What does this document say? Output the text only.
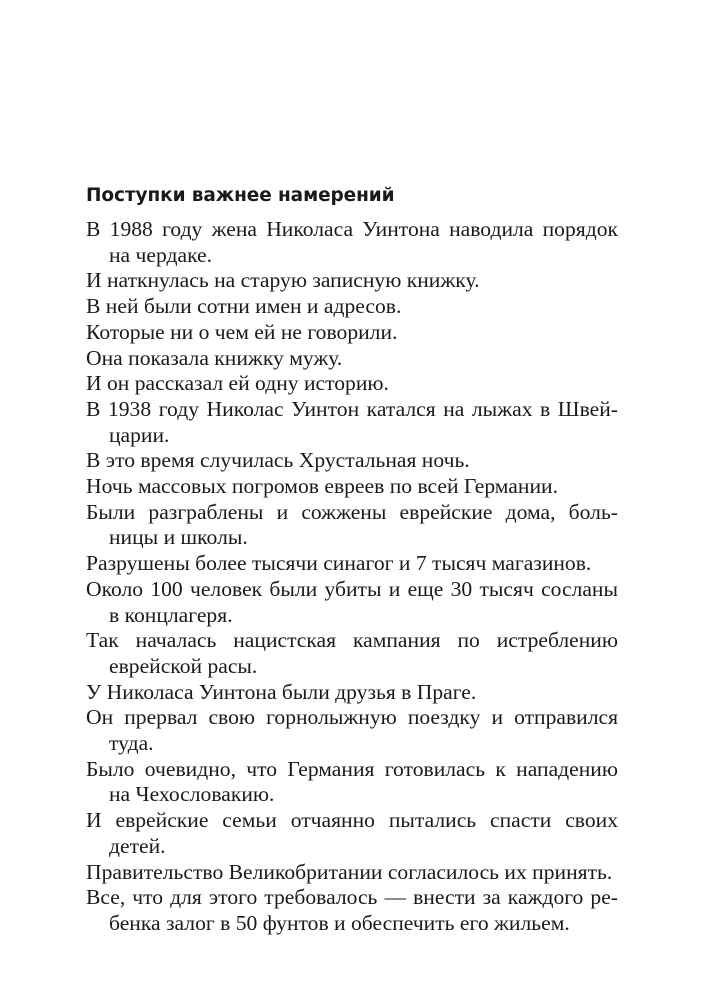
Поступки важнее намерений

В 1988 году жена Николаса Уинтона наводила порядок
на чердаке.

И наткнулась на старую записную книжку.

В ней были сотни имен и адресов.

Которые ни о чем ей не говорили.

Она показала книжку мужу.

И он рассказал ей одну историю.

В 1938 году Николас Уинтон катался на лыжах в Швей-
царии.

В это время случилась Хрустальная ночь.

Ночь массовых погромов евреев по всей Германии.

Были разграблены и сожжены еврейские дома, боль-
ницы и школы.

Разрушены более тысячи синагог и 7 тысяч магазинов.

Около 100 человек были убиты и еще 30 тысяч сосланы
в концлагеря.

Так началась нацистская кампания по истреблению
еврейской расы.

У Николаса Уинтона были друзья в Праге.

Он прервал свою горнолыжную поездку и отправился
туда.

Было очевидно, что Германия готовилась к нападению
на Чехословакию.

И еврейские семьи отчаянно пытались спасти своих
детей.

Правительство Великобритании согласилось их принять.

Все, что для этого требовалось — внести за каждого ре-
бенка залог в 50 фунтов и обеспечить его жильем.
